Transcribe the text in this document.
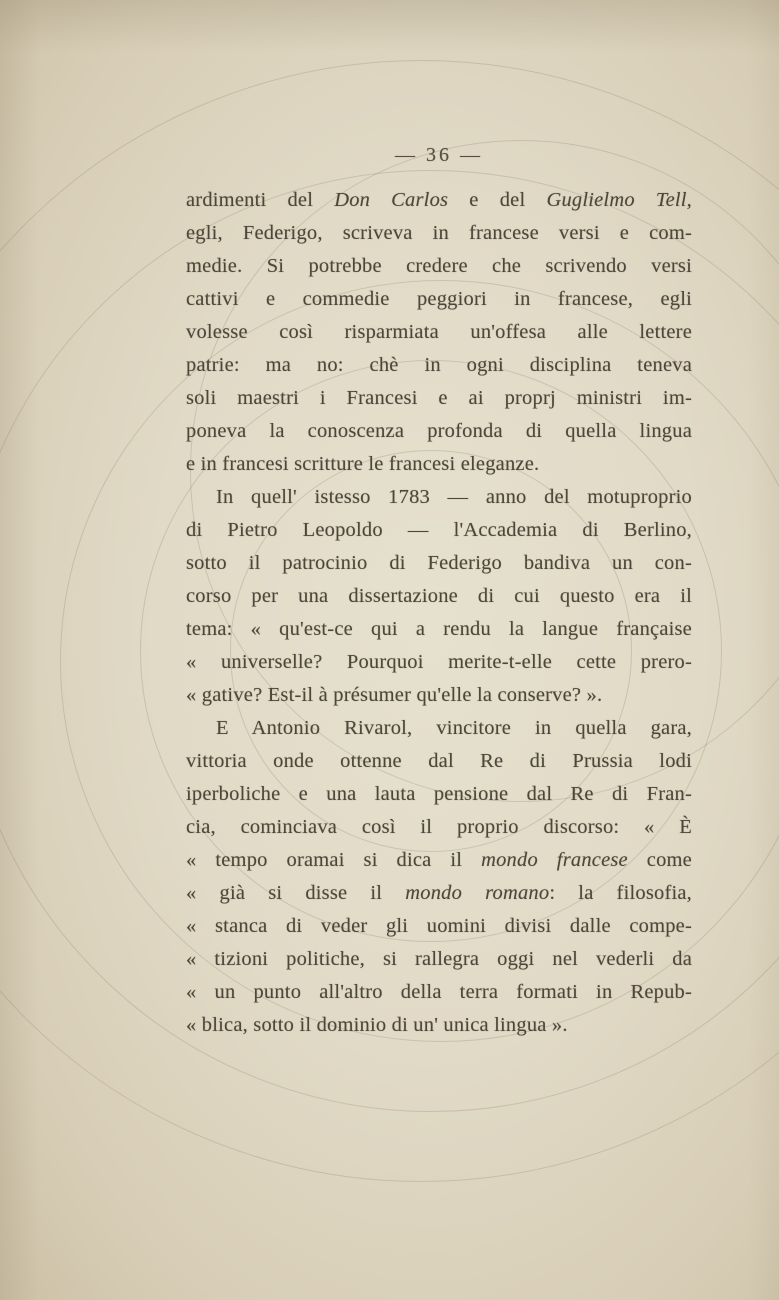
— 36 —
ardimenti del Don Carlos e del Guglielmo Tell,
egli, Federigo, scriveva in francese versi e com-
medie. Si potrebbe credere che scrivendo versi
cattivi e commedie peggiori in francese, egli
volesse così risparmiata un'offesa alle lettere
patrie: ma no: chè in ogni disciplina teneva
soli maestri i Francesi e ai proprj ministri im-
poneva la conoscenza profonda di quella lingua
e in francesi scritture le francesi eleganze.
In quell' istesso 1783 — anno del motuproprio
di Pietro Leopoldo — l'Accademia di Berlino,
sotto il patrocinio di Federigo bandiva un con-
corso per una dissertazione di cui questo era il
tema: « qu'est-ce qui a rendu la langue française
« universelle? Pourquoi merite-t-elle cette prero-
« gative? Est-il à présumer qu'elle la conserve? ».
E Antonio Rivarol, vincitore in quella gara,
vittoria onde ottenne dal Re di Prussia lodi
iperboliche e una lauta pensione dal Re di Fran-
cia, cominciava così il proprio discorso: « È
« tempo oramai si dica il mondo francese come
« già si disse il mondo romano: la filosofia,
« stanca di veder gli uomini divisi dalle compe-
« tizioni politiche, si rallegra oggi nel vederli da
« un punto all'altro della terra formati in Repub-
« blica, sotto il dominio di un' unica lingua ».
